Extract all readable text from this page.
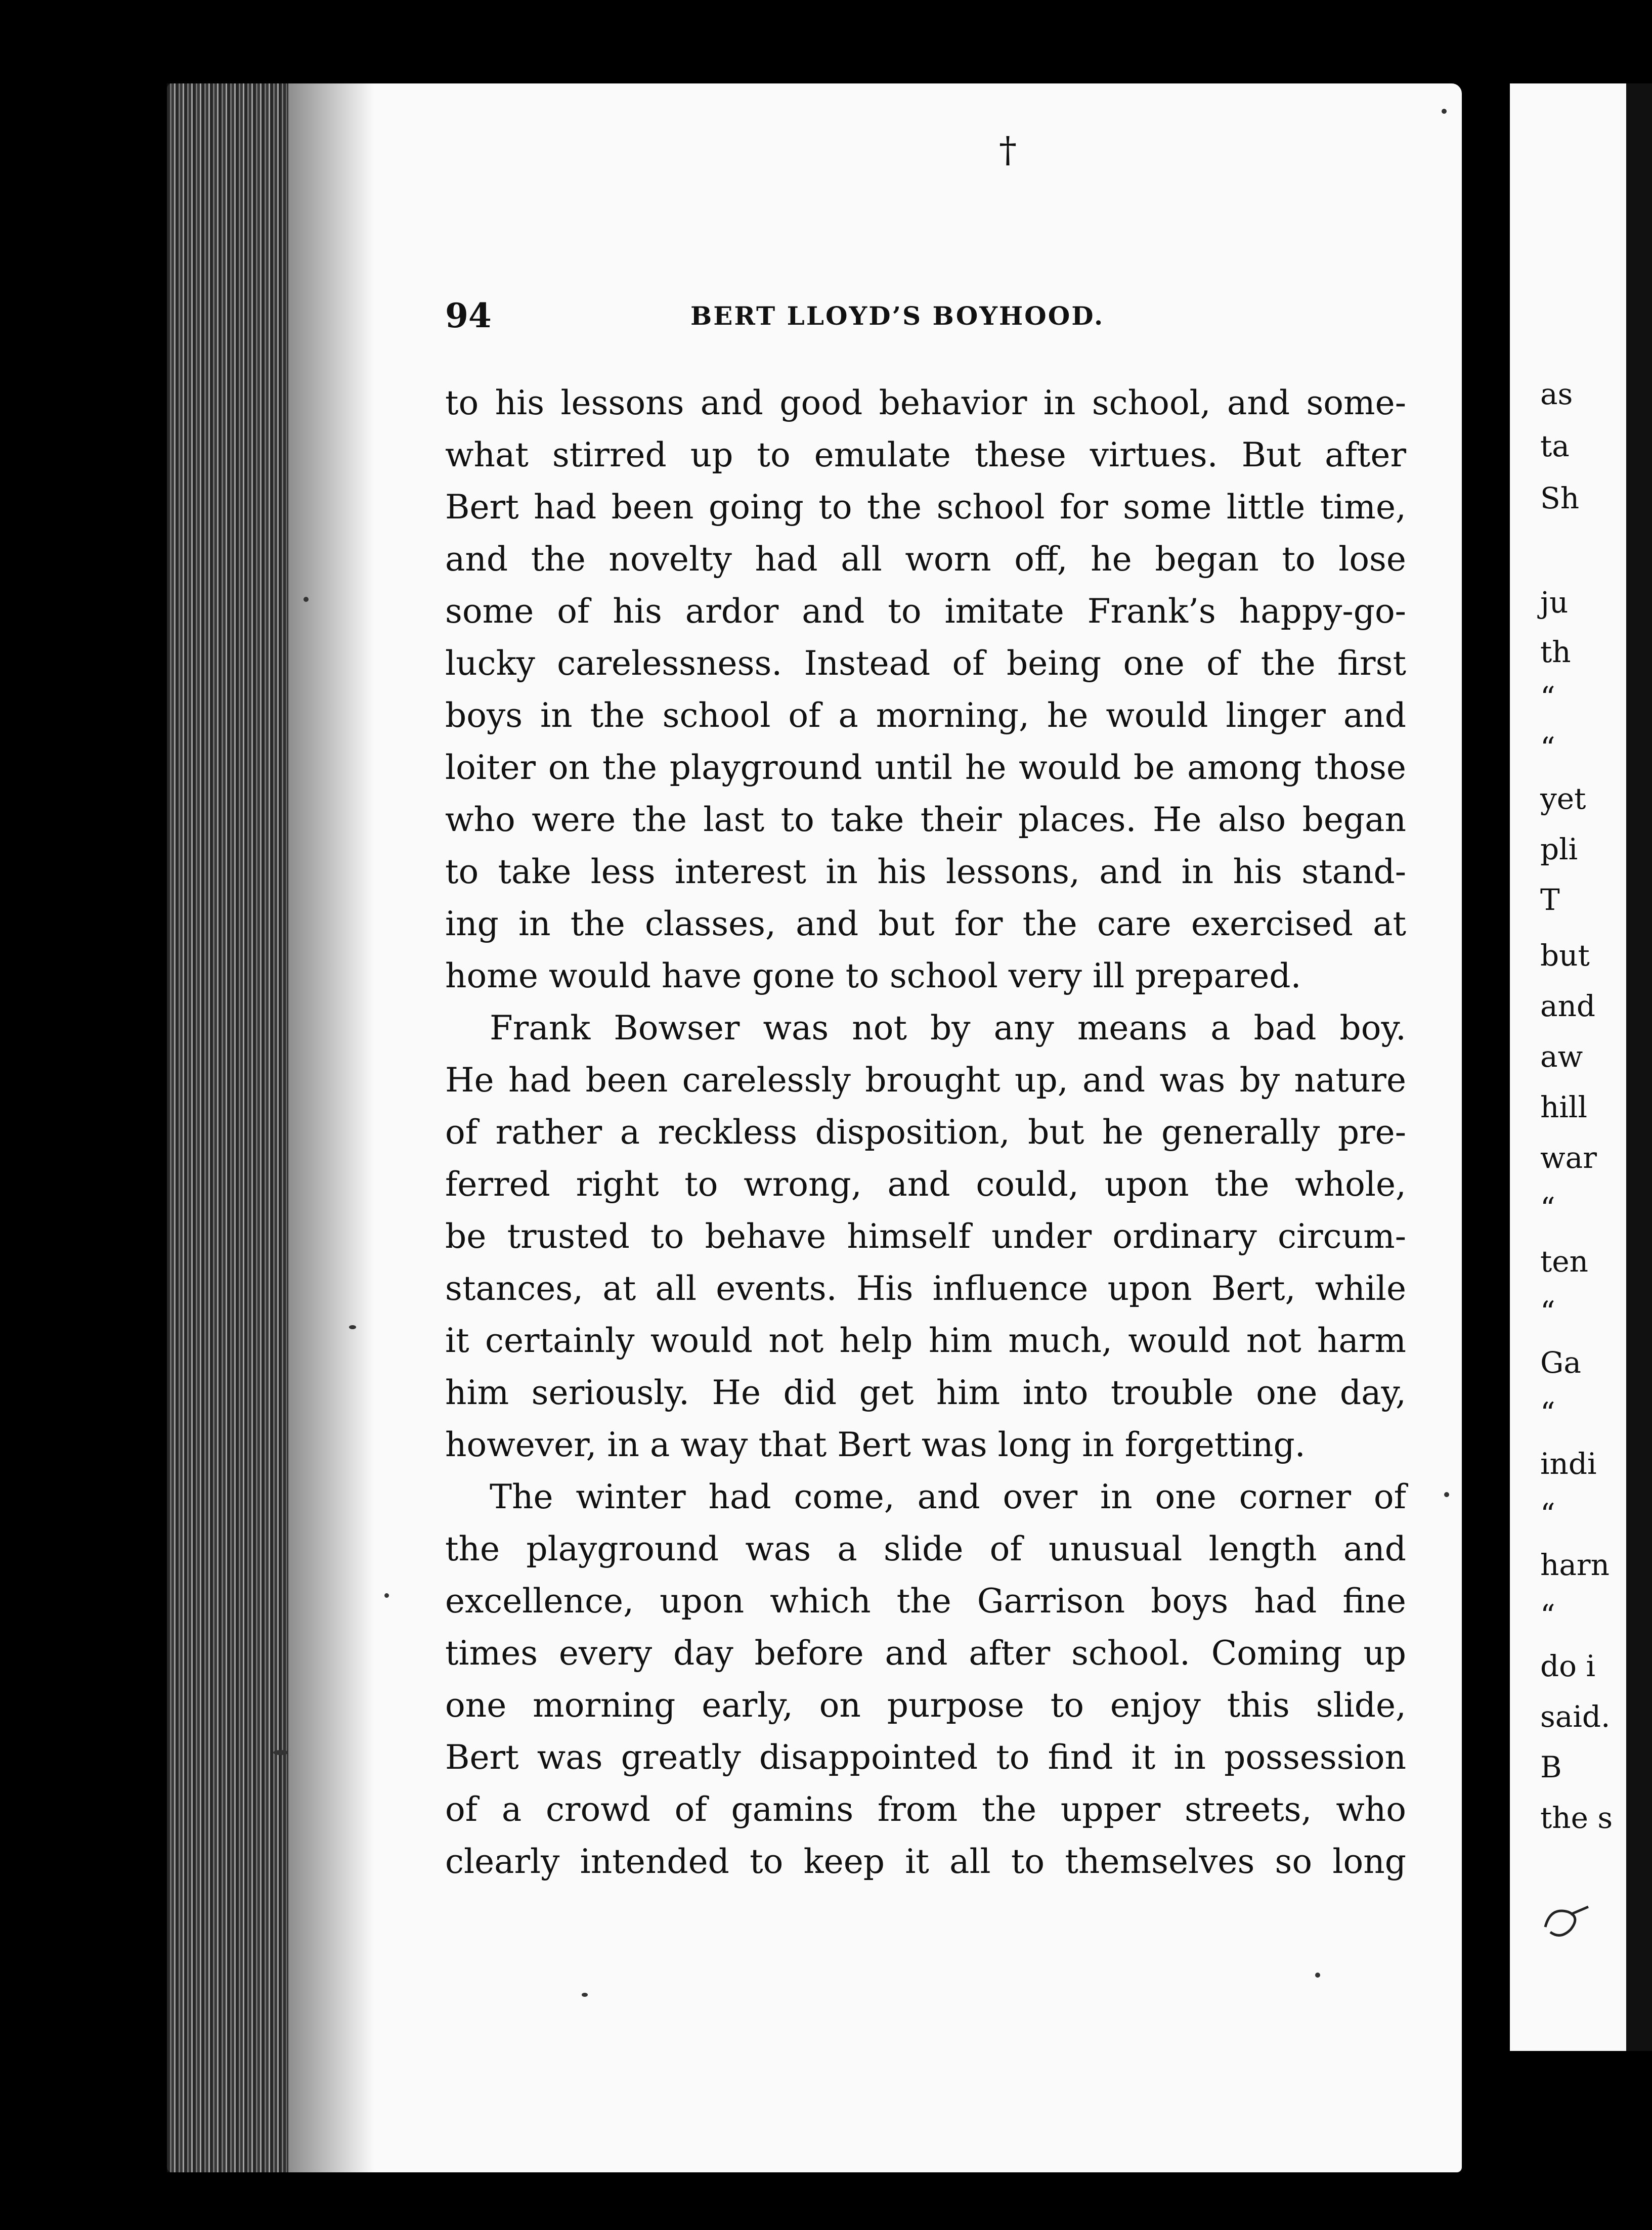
†
94	BERT LLOYD’S BOYHOOD.
to his lessons and good behavior in school, and some-
what stirred up to emulate these virtues. But after
Bert had been going to the school for some little time,
and the novelty had all worn off, he began to lose
some of his ardor and to imitate Frank’s happy-go-
lucky carelessness. Instead of being one of the first
boys in the school of a morning, he would linger and
loiter on the playground until he would be among those
who were the last to take their places. He also began
to take less interest in his lessons, and in his stand-
ing in the classes, and but for the care exercised at
home would have gone to school very ill prepared.
Frank Bowser was not by any means a bad boy.
He had been carelessly brought up, and was by nature
of rather a reckless disposition, but he generally pre-
ferred right to wrong, and could, upon the whole,
be trusted to behave himself under ordinary circum-
stances, at all events. His influence upon Bert, while
it certainly would not help him much, would not harm
him seriously. He did get him into trouble one day,
however, in a way that Bert was long in forgetting.
The winter had come, and over in one corner of
the playground was a slide of unusual length and
excellence, upon which the Garrison boys had fine
times every day before and after school. Coming up
one morning early, on purpose to enjoy this slide,
Bert was greatly disappointed to find it in possession
of a crowd of gamins from the upper streets, who
clearly intended to keep it all to themselves so long
as
ta
Sh
ju
th
“
“
yet
pli
T
but
and
aw
hill
war
“
ten
“
Ga
“
indi
“
harn
“
do i
said.
B
the s
